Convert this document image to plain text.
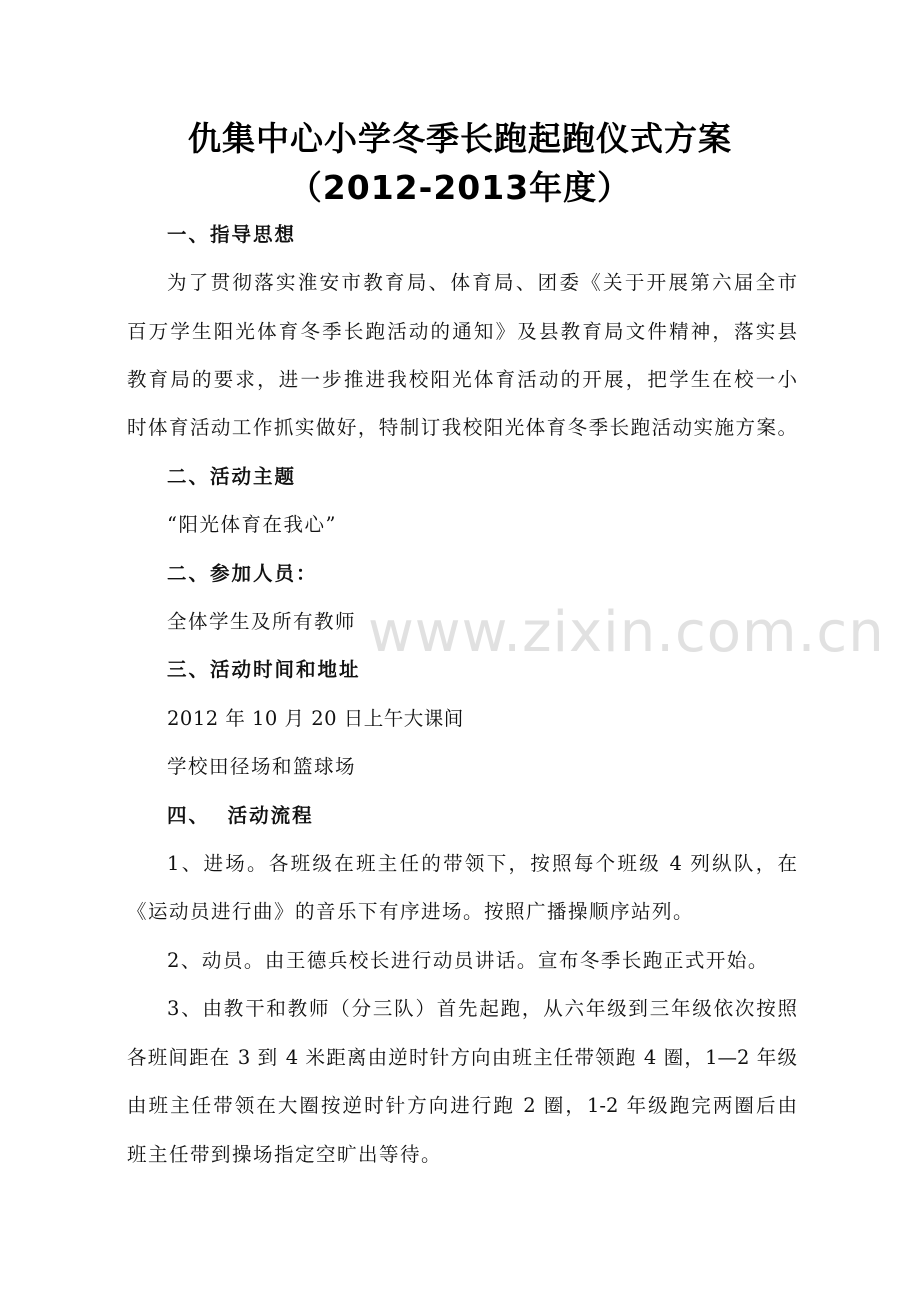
仇集中心小学冬季长跑起跑仪式方案
（2012-2013年度）
一、指导思想
为了贯彻落实淮安市教育局、体育局、团委《关于开展第六届全市
百万学生阳光体育冬季长跑活动的通知》及县教育局文件精神，落实县
教育局的要求，进一步推进我校阳光体育活动的开展，把学生在校一小
时体育活动工作抓实做好，特制订我校阳光体育冬季长跑活动实施方案。
二、活动主题
“阳光体育在我心”
二、参加人员：
全体学生及所有教师
三、活动时间和地址
2012 年 10 月 20 日上午大课间
学校田径场和篮球场
四、  活动流程
1、进场。各班级在班主任的带领下，按照每个班级 4 列纵队，在
《运动员进行曲》的音乐下有序进场。按照广播操顺序站列。
2、动员。由王德兵校长进行动员讲话。宣布冬季长跑正式开始。
3、由教干和教师（分三队）首先起跑，从六年级到三年级依次按照
各班间距在 3 到 4 米距离由逆时针方向由班主任带领跑 4 圈，1—2 年级
由班主任带领在大圈按逆时针方向进行跑 2 圈，1-2 年级跑完两圈后由
班主任带到操场指定空旷出等待。
www.zixin.com.cn
